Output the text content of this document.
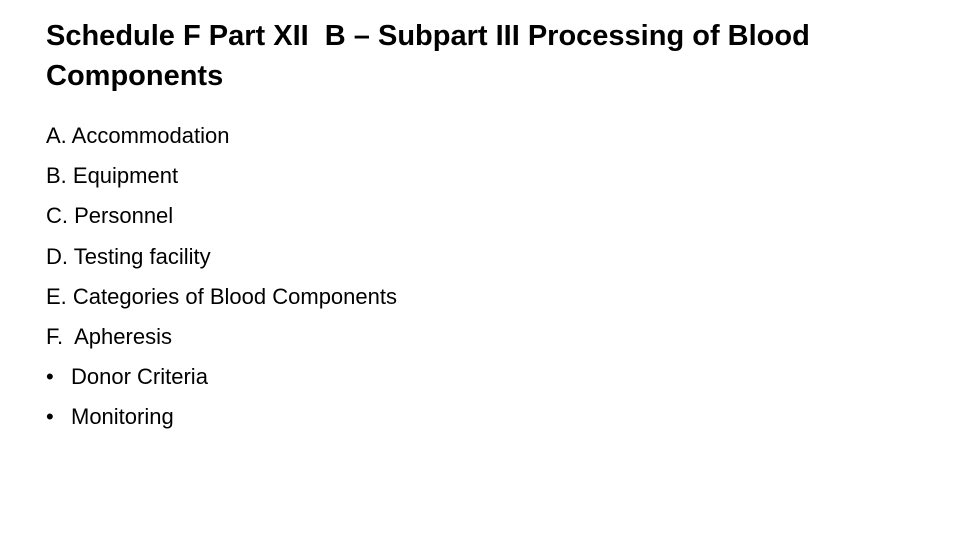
Schedule F Part XII  B – Subpart III Processing of Blood Components
A. Accommodation
B. Equipment
C. Personnel
D. Testing facility
E. Categories of Blood Components
F.  Apheresis
• Donor Criteria
• Monitoring
